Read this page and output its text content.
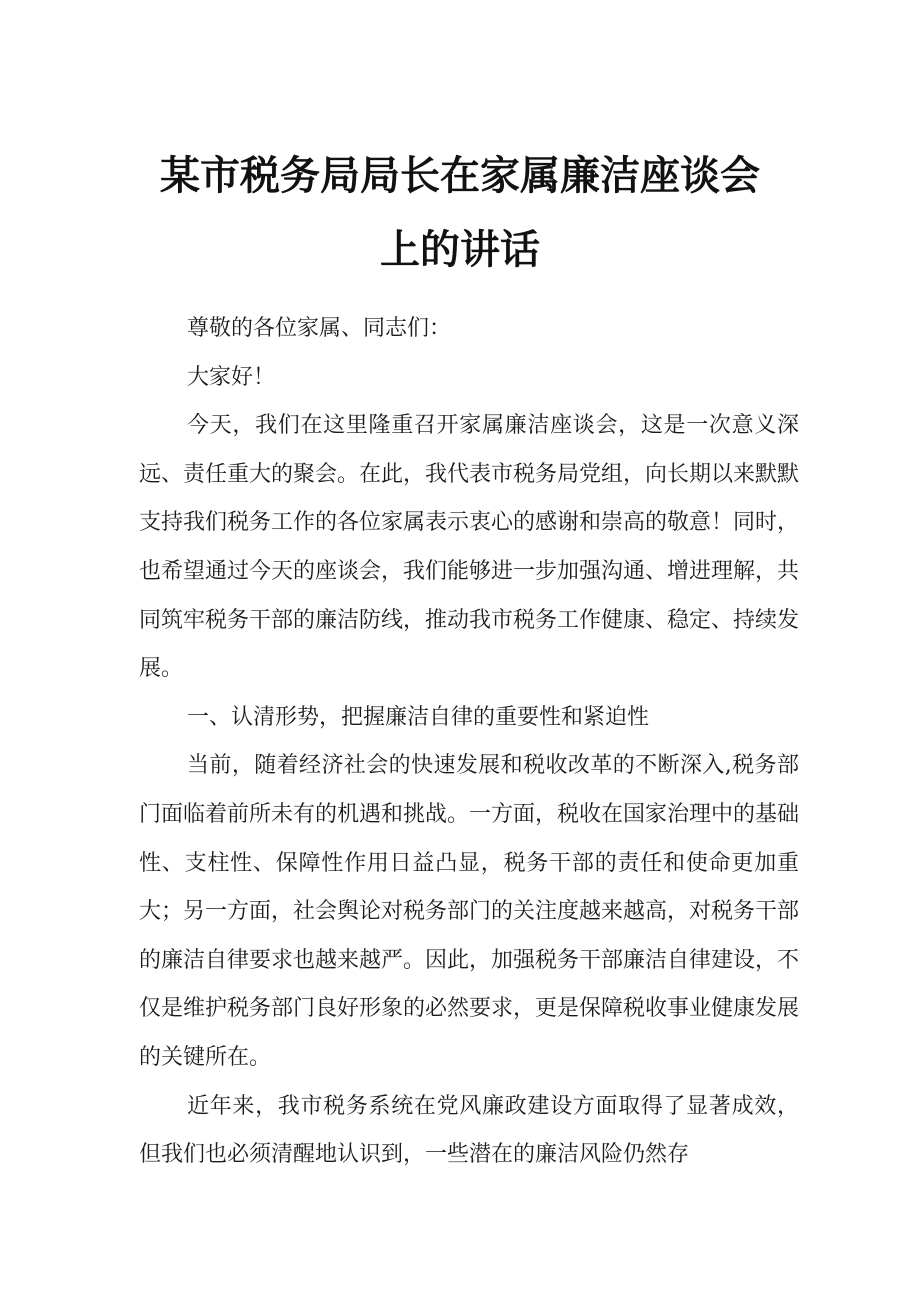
某市税务局局长在家属廉洁座谈会
上的讲话

尊敬的各位家属、同志们：

大家好！

今天，我们在这里隆重召开家属廉洁座谈会，这是一次意义深远、责任重大的聚会。在此，我代表市税务局党组，向长期以来默默支持我们税务工作的各位家属表示衷心的感谢和崇高的敬意！同时，也希望通过今天的座谈会，我们能够进一步加强沟通、增进理解，共同筑牢税务干部的廉洁防线，推动我市税务工作健康、稳定、持续发展。

一、认清形势，把握廉洁自律的重要性和紧迫性

当前，随着经济社会的快速发展和税收改革的不断深入,税务部门面临着前所未有的机遇和挑战。一方面，税收在国家治理中的基础性、支柱性、保障性作用日益凸显，税务干部的责任和使命更加重大；另一方面，社会舆论对税务部门的关注度越来越高，对税务干部的廉洁自律要求也越来越严。因此，加强税务干部廉洁自律建设，不仅是维护税务部门良好形象的必然要求，更是保障税收事业健康发展的关键所在。

近年来，我市税务系统在党风廉政建设方面取得了显著成效，但我们也必须清醒地认识到，一些潜在的廉洁风险仍然存
